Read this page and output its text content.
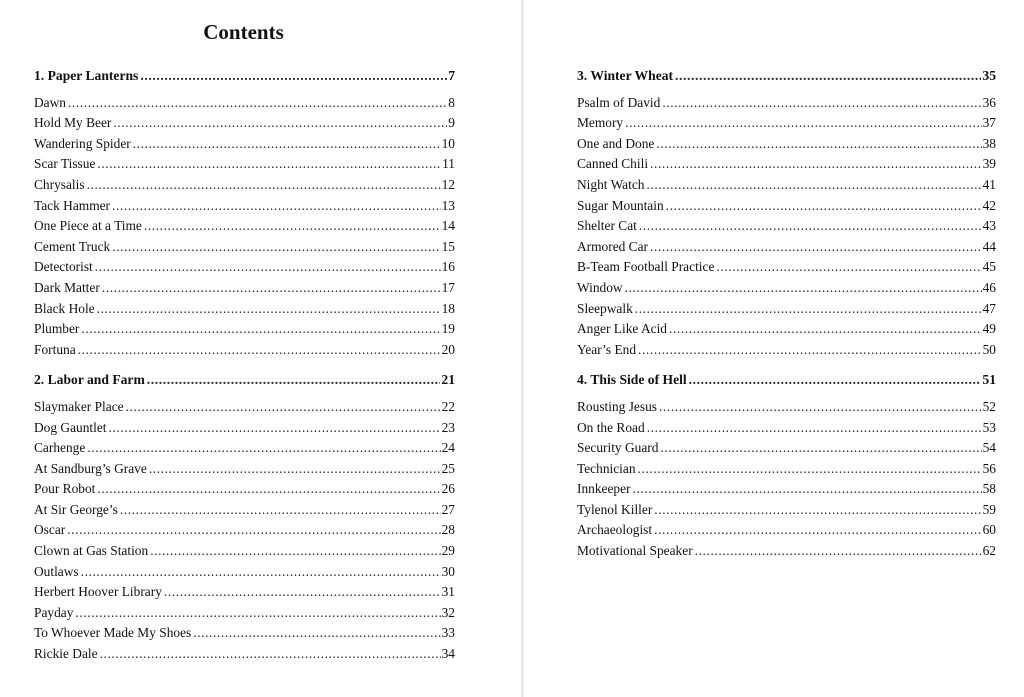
Contents
1. Paper Lanterns .....	7
Dawn .....	8
Hold My Beer .....	9
Wandering Spider .....	10
Scar Tissue .....	11
Chrysalis .....	12
Tack Hammer .....	13
One Piece at a Time .....	14
Cement Truck .....	15
Detectorist .....	16
Dark Matter .....	17
Black Hole .....	18
Plumber .....	19
Fortuna .....	20
2. Labor and Farm .....	21
Slaymaker Place .....	22
Dog Gauntlet .....	23
Carhenge .....	24
At Sandburg’s Grave .....	25
Pour Robot .....	26
At Sir George’s .....	27
Oscar .....	28
Clown at Gas Station .....	29
Outlaws .....	30
Herbert Hoover Library .....	31
Payday .....	32
To Whoever Made My Shoes .....	33
Rickie Dale .....	34
3. Winter Wheat .....	35
Psalm of David .....	36
Memory .....	37
One and Done .....	38
Canned Chili .....	39
Night Watch .....	41
Sugar Mountain .....	42
Shelter Cat .....	43
Armored Car .....	44
B-Team Football Practice .....	45
Window .....	46
Sleepwalk .....	47
Anger Like Acid .....	49
Year’s End .....	50
4. This Side of Hell .....	51
Rousting Jesus .....	52
On the Road .....	53
Security Guard .....	54
Technician .....	56
Innkeeper .....	58
Tylenol Killer .....	59
Archaeologist .....	60
Motivational Speaker .....	62
